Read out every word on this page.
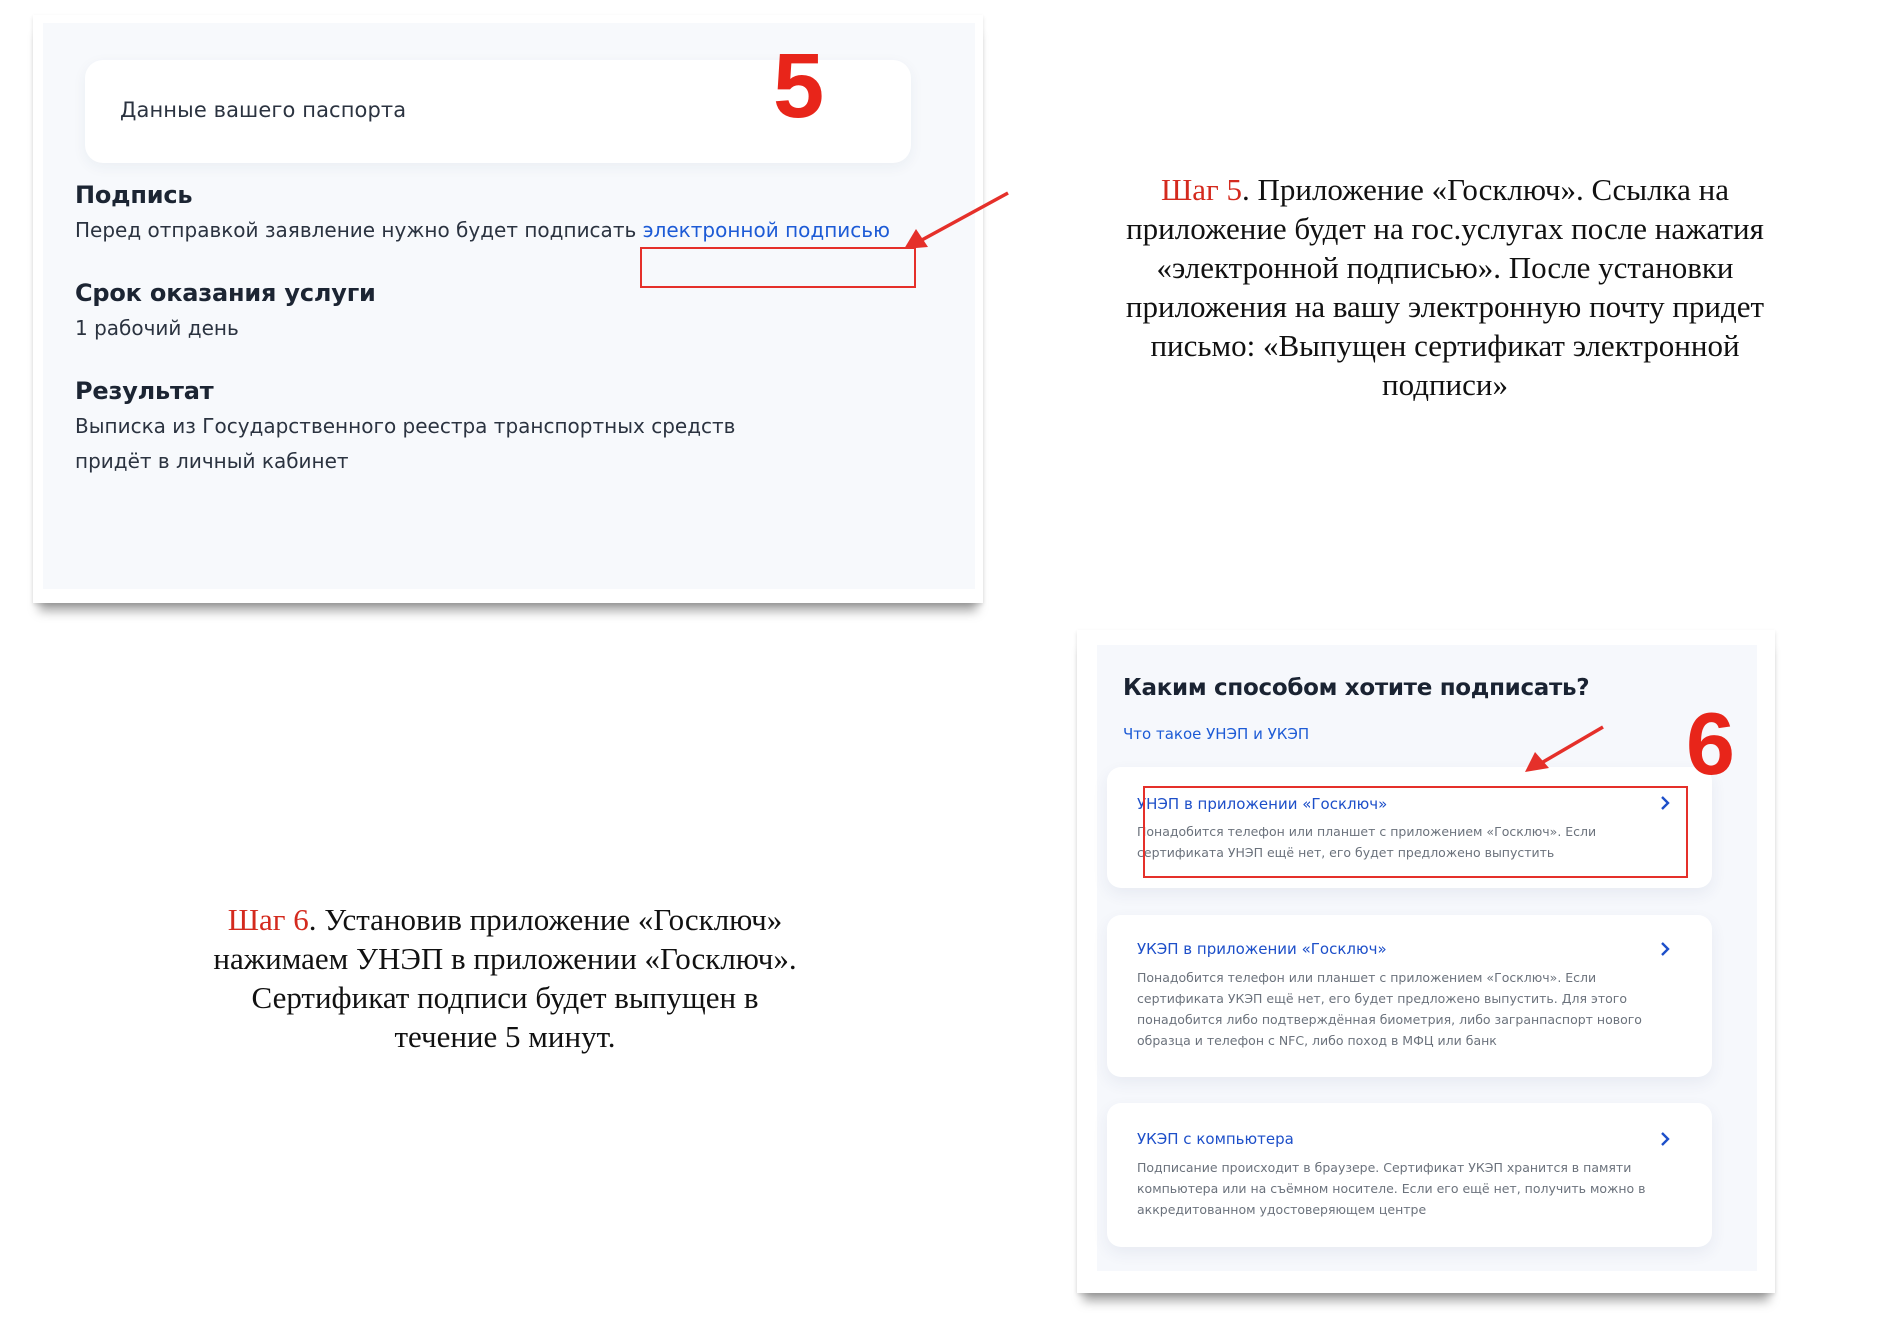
Данные вашего паспорта
Подпись
Перед отправкой заявление нужно будет подписать электронной подписью
Срок оказания услуги
1 рабочий день
Результат
Выписка из Государственного реестра транспортных средств придёт в личный кабинет
5
Шаг 5. Приложение «Госключ». Ссылка на приложение будет на гос.услугах после нажатия «электронной подписью». После установки приложения на вашу электронную почту придет письмо: «Выпущен сертификат электронной подписи»
Шаг 6. Установив приложение «Госключ» нажимаем УНЭП в приложении «Госключ». Сертификат подписи будет выпущен в течение 5 минут.
Каким способом хотите подписать?
Что такое УНЭП и УКЭП
УНЭП в приложении «Госключ»
Понадобится телефон или планшет с приложением «Госключ». Если сертификата УНЭП ещё нет, его будет предложено выпустить
УКЭП в приложении «Госключ»
Понадобится телефон или планшет с приложением «Госключ». Если сертификата УКЭП ещё нет, его будет предложено выпустить. Для этого понадобится либо подтверждённая биометрия, либо загранпаспорт нового образца и телефон с NFC, либо поход в МФЦ или банк
УКЭП с компьютера
Подписание происходит в браузере. Сертификат УКЭП хранится в памяти компьютера или на съёмном носителе. Если его ещё нет, получить можно в аккредитованном удостоверяющем центре
6
